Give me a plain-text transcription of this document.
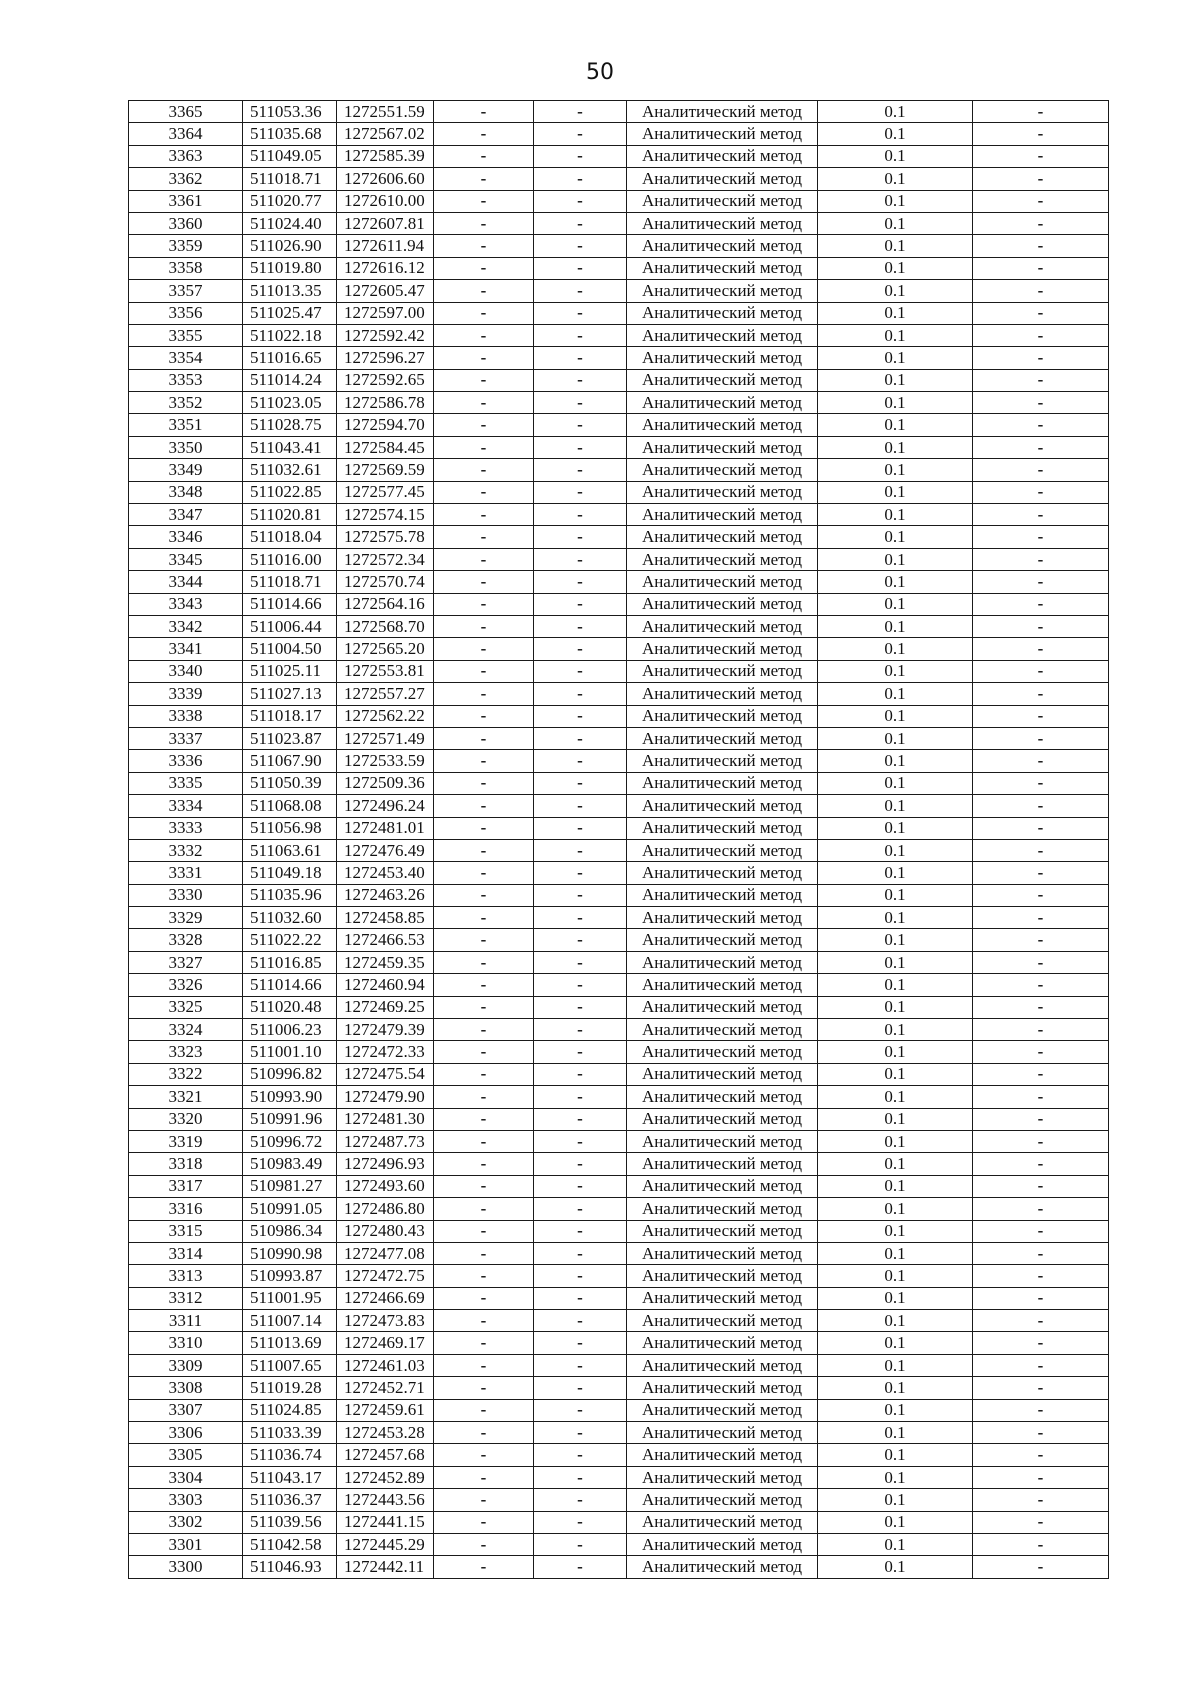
50
3365	511053.36	1272551.59	-	-	Аналитический метод	0.1	-
3364	511035.68	1272567.02	-	-	Аналитический метод	0.1	-
3363	511049.05	1272585.39	-	-	Аналитический метод	0.1	-
3362	511018.71	1272606.60	-	-	Аналитический метод	0.1	-
3361	511020.77	1272610.00	-	-	Аналитический метод	0.1	-
3360	511024.40	1272607.81	-	-	Аналитический метод	0.1	-
3359	511026.90	1272611.94	-	-	Аналитический метод	0.1	-
3358	511019.80	1272616.12	-	-	Аналитический метод	0.1	-
3357	511013.35	1272605.47	-	-	Аналитический метод	0.1	-
3356	511025.47	1272597.00	-	-	Аналитический метод	0.1	-
3355	511022.18	1272592.42	-	-	Аналитический метод	0.1	-
3354	511016.65	1272596.27	-	-	Аналитический метод	0.1	-
3353	511014.24	1272592.65	-	-	Аналитический метод	0.1	-
3352	511023.05	1272586.78	-	-	Аналитический метод	0.1	-
3351	511028.75	1272594.70	-	-	Аналитический метод	0.1	-
3350	511043.41	1272584.45	-	-	Аналитический метод	0.1	-
3349	511032.61	1272569.59	-	-	Аналитический метод	0.1	-
3348	511022.85	1272577.45	-	-	Аналитический метод	0.1	-
3347	511020.81	1272574.15	-	-	Аналитический метод	0.1	-
3346	511018.04	1272575.78	-	-	Аналитический метод	0.1	-
3345	511016.00	1272572.34	-	-	Аналитический метод	0.1	-
3344	511018.71	1272570.74	-	-	Аналитический метод	0.1	-
3343	511014.66	1272564.16	-	-	Аналитический метод	0.1	-
3342	511006.44	1272568.70	-	-	Аналитический метод	0.1	-
3341	511004.50	1272565.20	-	-	Аналитический метод	0.1	-
3340	511025.11	1272553.81	-	-	Аналитический метод	0.1	-
3339	511027.13	1272557.27	-	-	Аналитический метод	0.1	-
3338	511018.17	1272562.22	-	-	Аналитический метод	0.1	-
3337	511023.87	1272571.49	-	-	Аналитический метод	0.1	-
3336	511067.90	1272533.59	-	-	Аналитический метод	0.1	-
3335	511050.39	1272509.36	-	-	Аналитический метод	0.1	-
3334	511068.08	1272496.24	-	-	Аналитический метод	0.1	-
3333	511056.98	1272481.01	-	-	Аналитический метод	0.1	-
3332	511063.61	1272476.49	-	-	Аналитический метод	0.1	-
3331	511049.18	1272453.40	-	-	Аналитический метод	0.1	-
3330	511035.96	1272463.26	-	-	Аналитический метод	0.1	-
3329	511032.60	1272458.85	-	-	Аналитический метод	0.1	-
3328	511022.22	1272466.53	-	-	Аналитический метод	0.1	-
3327	511016.85	1272459.35	-	-	Аналитический метод	0.1	-
3326	511014.66	1272460.94	-	-	Аналитический метод	0.1	-
3325	511020.48	1272469.25	-	-	Аналитический метод	0.1	-
3324	511006.23	1272479.39	-	-	Аналитический метод	0.1	-
3323	511001.10	1272472.33	-	-	Аналитический метод	0.1	-
3322	510996.82	1272475.54	-	-	Аналитический метод	0.1	-
3321	510993.90	1272479.90	-	-	Аналитический метод	0.1	-
3320	510991.96	1272481.30	-	-	Аналитический метод	0.1	-
3319	510996.72	1272487.73	-	-	Аналитический метод	0.1	-
3318	510983.49	1272496.93	-	-	Аналитический метод	0.1	-
3317	510981.27	1272493.60	-	-	Аналитический метод	0.1	-
3316	510991.05	1272486.80	-	-	Аналитический метод	0.1	-
3315	510986.34	1272480.43	-	-	Аналитический метод	0.1	-
3314	510990.98	1272477.08	-	-	Аналитический метод	0.1	-
3313	510993.87	1272472.75	-	-	Аналитический метод	0.1	-
3312	511001.95	1272466.69	-	-	Аналитический метод	0.1	-
3311	511007.14	1272473.83	-	-	Аналитический метод	0.1	-
3310	511013.69	1272469.17	-	-	Аналитический метод	0.1	-
3309	511007.65	1272461.03	-	-	Аналитический метод	0.1	-
3308	511019.28	1272452.71	-	-	Аналитический метод	0.1	-
3307	511024.85	1272459.61	-	-	Аналитический метод	0.1	-
3306	511033.39	1272453.28	-	-	Аналитический метод	0.1	-
3305	511036.74	1272457.68	-	-	Аналитический метод	0.1	-
3304	511043.17	1272452.89	-	-	Аналитический метод	0.1	-
3303	511036.37	1272443.56	-	-	Аналитический метод	0.1	-
3302	511039.56	1272441.15	-	-	Аналитический метод	0.1	-
3301	511042.58	1272445.29	-	-	Аналитический метод	0.1	-
3300	511046.93	1272442.11	-	-	Аналитический метод	0.1	-
